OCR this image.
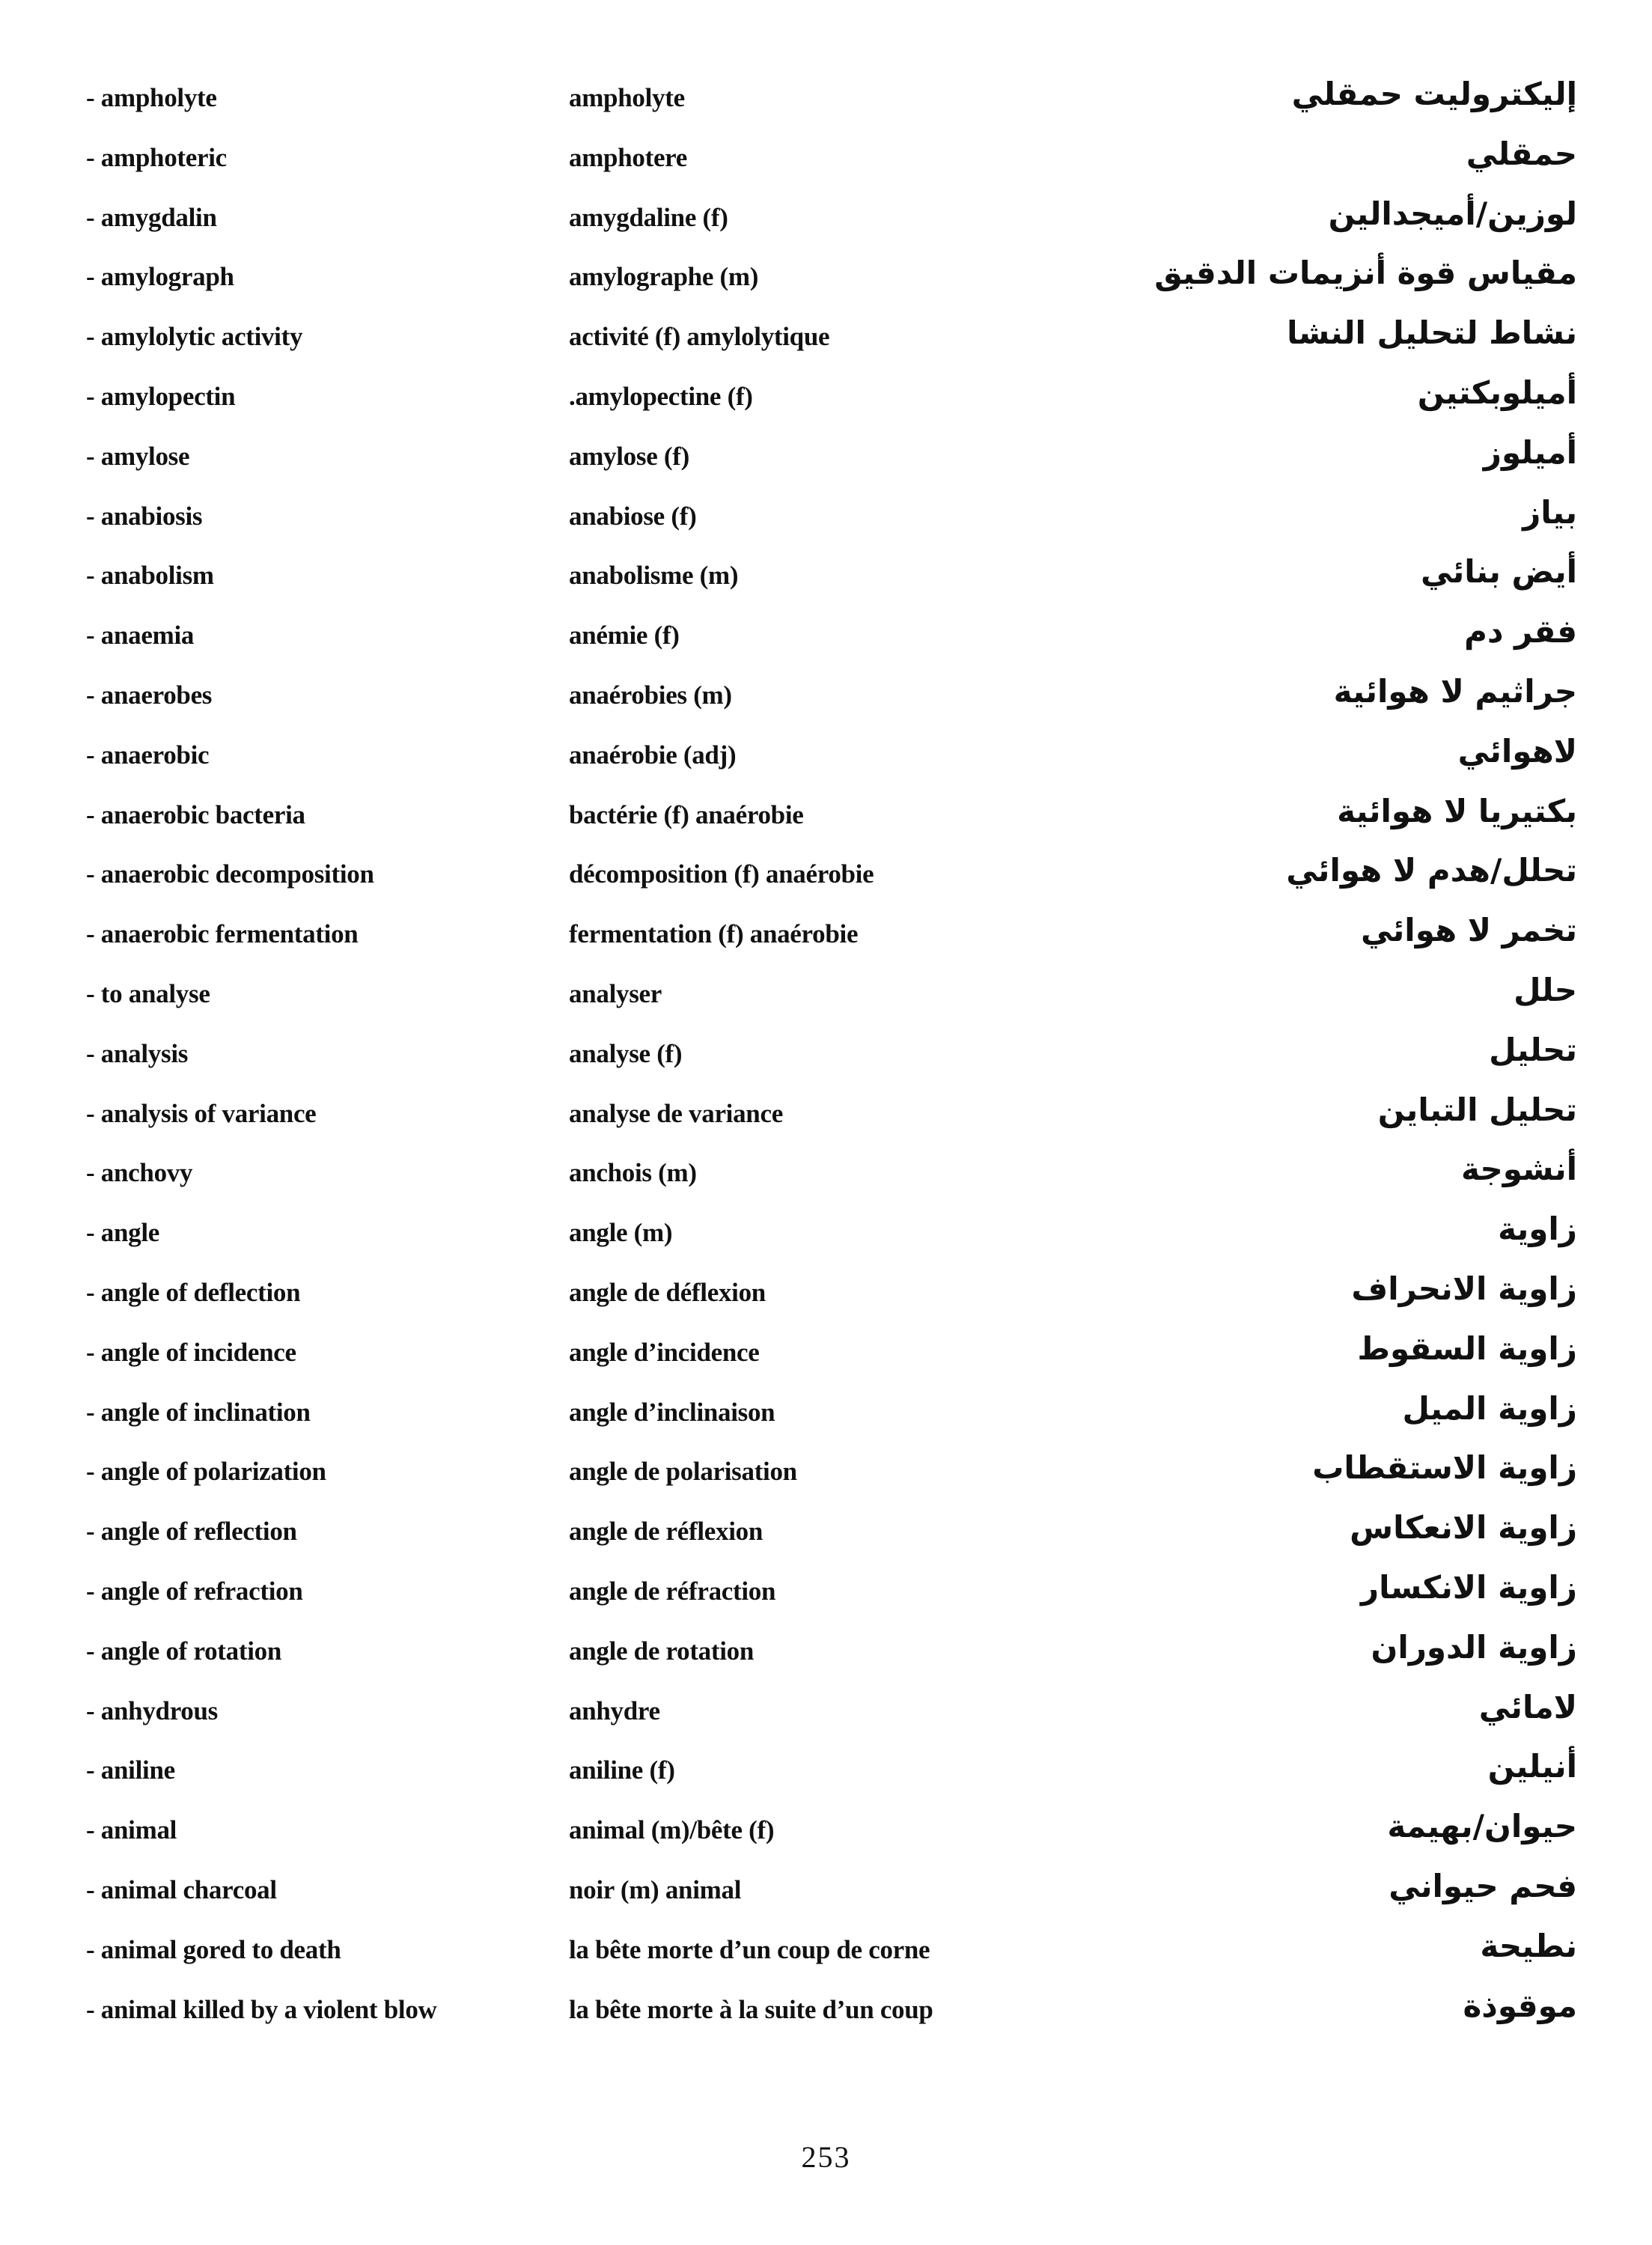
- ampholyte	ampholyte	إليكتروليت حمقلي
- amphoteric	amphotere	حمقلي
- amygdalin	amygdaline (f)	لوزين/أميجدالين
- amylograph	amylographe (m)	مقياس قوة أنزيمات الدقيق
- amylolytic activity	activité (f) amylolytique	نشاط لتحليل النشا
- amylopectin	.amylopectine (f)	أميلوبكتين
- amylose	amylose (f)	أميلوز
- anabiosis	anabiose (f)	بياز
- anabolism	anabolisme (m)	أيض بنائي
- anaemia	anémie (f)	فقر دم
- anaerobes	anaérobies (m)	جراثيم لا هوائية
- anaerobic	anaérobie (adj)	لاهوائي
- anaerobic bacteria	bactérie (f) anaérobie	بكتيريا لا هوائية
- anaerobic decomposition	décomposition (f) anaérobie	تحلل/هدم لا هوائي
- anaerobic fermentation	fermentation (f) anaérobie	تخمر لا هوائي
- to analyse	analyser	حلل
- analysis	analyse (f)	تحليل
- analysis of variance	analyse de variance	تحليل التباين
- anchovy	anchois (m)	أنشوجة
- angle	angle (m)	زاوية
- angle of deflection	angle de déflexion	زاوية الانحراف
- angle of incidence	angle d’incidence	زاوية السقوط
- angle of inclination	angle d’inclinaison	زاوية الميل
- angle of polarization	angle de polarisation	زاوية الاستقطاب
- angle of reflection	angle de réflexion	زاوية الانعكاس
- angle of refraction	angle de réfraction	زاوية الانكسار
- angle of rotation	angle de rotation	زاوية الدوران
- anhydrous	anhydre	لامائي
- aniline	aniline (f)	أنيلين
- animal	animal (m)/bête (f)	حيوان/بهيمة
- animal charcoal	noir (m) animal	فحم حيواني
- animal gored to death	la bête morte d’un coup de corne	نطيحة
- animal killed by a violent blow	la bête morte à la suite d’un coup	موقوذة
253
